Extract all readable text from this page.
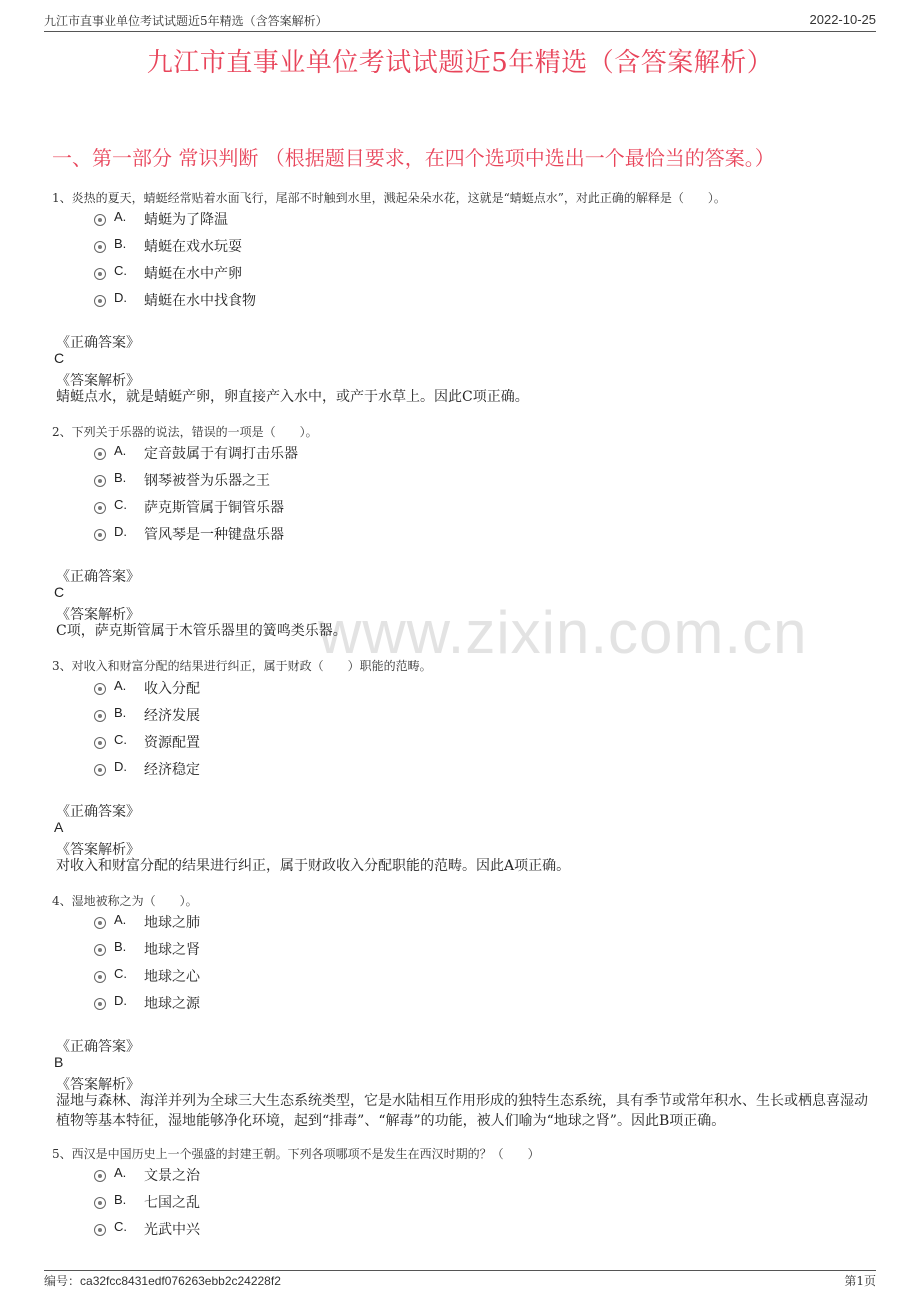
九江市直事业单位考试试题近5年精选（含答案解析）	2022-10-25
九江市直事业单位考试试题近5年精选（含答案解析）
一、第一部分 常识判断 （根据题目要求，在四个选项中选出一个最恰当的答案。）
www.zixin.com.cn
1、炎热的夏天，蜻蜓经常贴着水面飞行，尾部不时触到水里，溅起朵朵水花，这就是“蜻蜓点水”，对此正确的解释是（　　）。
A. 蜻蜓为了降温
B. 蜻蜓在戏水玩耍
C. 蜻蜓在水中产卵
D. 蜻蜓在水中找食物
《正确答案》
C
《答案解析》
蜻蜓点水，就是蜻蜓产卵，卵直接产入水中，或产于水草上。因此C项正确。
2、下列关于乐器的说法，错误的一项是（　　）。
A. 定音鼓属于有调打击乐器
B. 钢琴被誉为乐器之王
C. 萨克斯管属于铜管乐器
D. 管风琴是一种键盘乐器
《正确答案》
C
《答案解析》
C项，萨克斯管属于木管乐器里的簧鸣类乐器。
3、对收入和财富分配的结果进行纠正，属于财政（　　）职能的范畴。
A. 收入分配
B. 经济发展
C. 资源配置
D. 经济稳定
《正确答案》
A
《答案解析》
对收入和财富分配的结果进行纠正，属于财政收入分配职能的范畴。因此A项正确。
4、湿地被称之为（　　）。
A. 地球之肺
B. 地球之肾
C. 地球之心
D. 地球之源
《正确答案》
B
《答案解析》
湿地与森林、海洋并列为全球三大生态系统类型，它是水陆相互作用形成的独特生态系统，具有季节或常年积水、生长或栖息喜湿动植物等基本特征，湿地能够净化环境，起到“排毒”、“解毒”的功能，被人们喻为“地球之肾”。因此B项正确。
5、西汉是中国历史上一个强盛的封建王朝。下列各项哪项不是发生在西汉时期的？（　　）
A. 文景之治
B. 七国之乱
C. 光武中兴
编号：ca32fcc8431edf076263ebb2c24228f2	第1页
